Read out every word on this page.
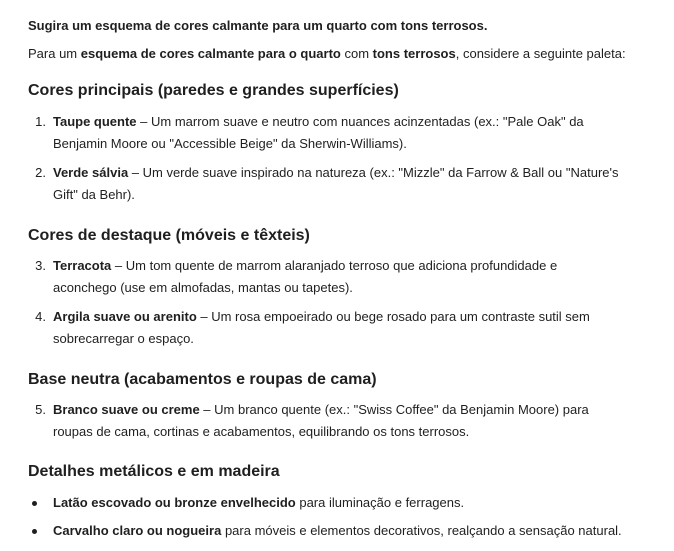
Sugira um esquema de cores calmante para um quarto com tons terrosos.
Para um esquema de cores calmante para o quarto com tons terrosos, considere a seguinte paleta:
Cores principais (paredes e grandes superfícies)
1. Taupe quente – Um marrom suave e neutro com nuances acinzentadas (ex.: "Pale Oak" da
Benjamin Moore ou "Accessible Beige" da Sherwin-Williams).
2. Verde sálvia – Um verde suave inspirado na natureza (ex.: "Mizzle" da Farrow & Ball ou "Nature's
Gift" da Behr).
Cores de destaque (móveis e têxteis)
3. Terracota – Um tom quente de marrom alaranjado terroso que adiciona profundidade e
aconchego (use em almofadas, mantas ou tapetes).
4. Argila suave ou arenito – Um rosa empoeirado ou bege rosado para um contraste sutil sem
sobrecarregar o espaço.
Base neutra (acabamentos e roupas de cama)
5. Branco suave ou creme – Um branco quente (ex.: "Swiss Coffee" da Benjamin Moore) para
roupas de cama, cortinas e acabamentos, equilibrando os tons terrosos.
Detalhes metálicos e em madeira
Latão escovado ou bronze envelhecido para iluminação e ferragens.
Carvalho claro ou nogueira para móveis e elementos decorativos, realçando a sensação natural.
